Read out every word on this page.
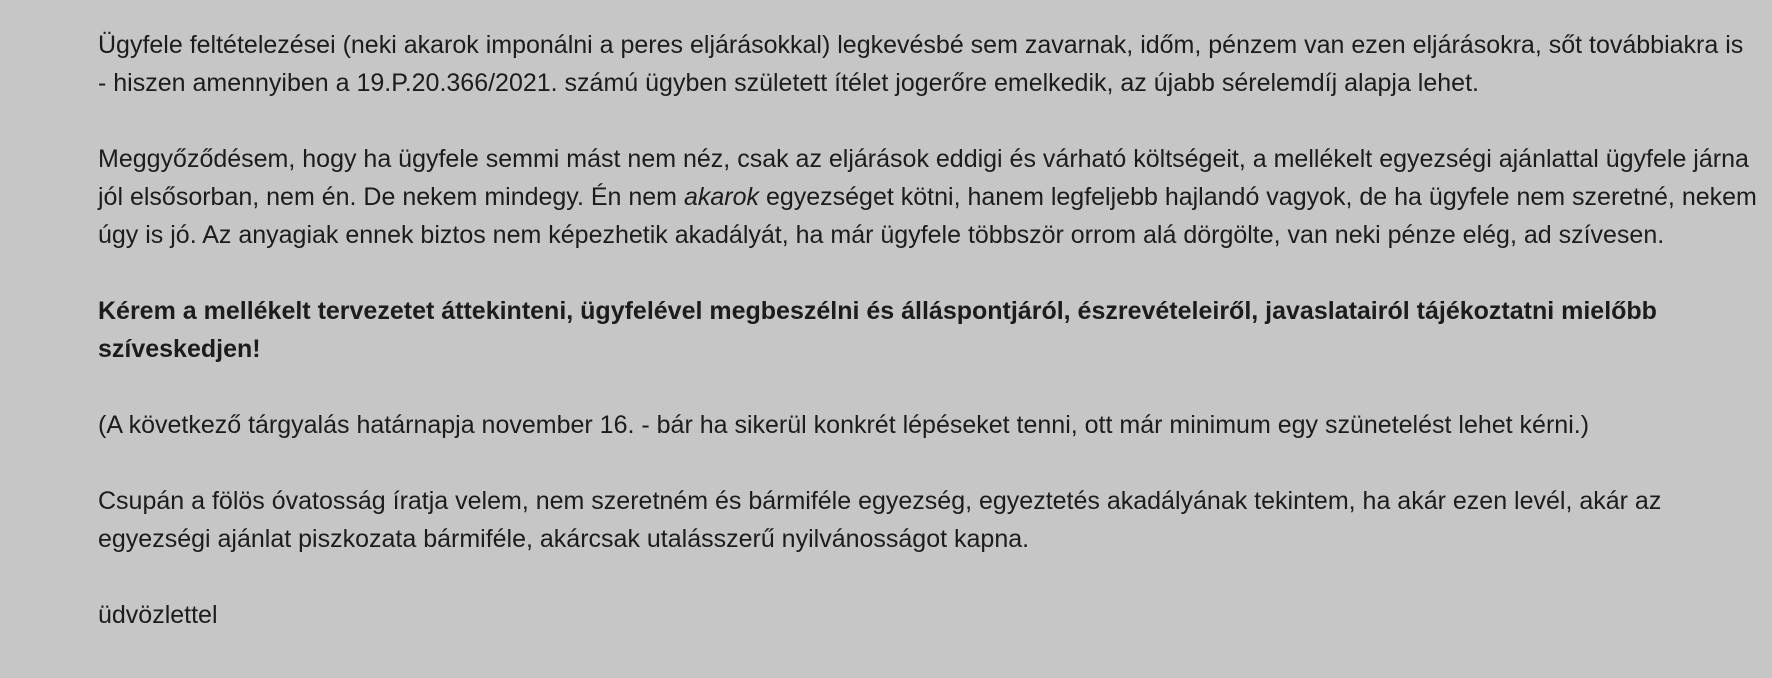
Ügyfele feltételezései (neki akarok imponálni a peres eljárásokkal) legkevésbé sem zavarnak, időm, pénzem van ezen eljárásokra, sőt továbbiakra is - hiszen amennyiben a 19.P.20.366/2021. számú ügyben született ítélet jogerőre emelkedik, az újabb sérelemdíj alapja lehet.

Meggyőződésem, hogy ha ügyfele semmi mást nem néz, csak az eljárások eddigi és várható költségeit, a mellékelt egyezségi ajánlattal ügyfele járna jól elsősorban, nem én. De nekem mindegy. Én nem akarok egyezséget kötni, hanem legfeljebb hajlandó vagyok, de ha ügyfele nem szeretné, nekem úgy is jó. Az anyagiak ennek biztos nem képezhetik akadályát, ha már ügyfele többször orrom alá dörgölte, van neki pénze elég, ad szívesen.

Kérem a mellékelt tervezetet áttekinteni, ügyfelével megbeszélni és álláspontjáról, észrevételeiről, javaslatairól tájékoztatni mielőbb szíveskedjen!

(A következő tárgyalás határnapja november 16. - bár ha sikerül konkrét lépéseket tenni, ott már minimum egy szünetelést lehet kérni.)

Csupán a fölös óvatosság íratja velem, nem szeretném és bármiféle egyezség, egyeztetés akadályának tekintem, ha akár ezen levél, akár az egyezségi ajánlat piszkozata bármiféle, akárcsak utalásszerű nyilvánosságot kapna.

üdvözlettel
